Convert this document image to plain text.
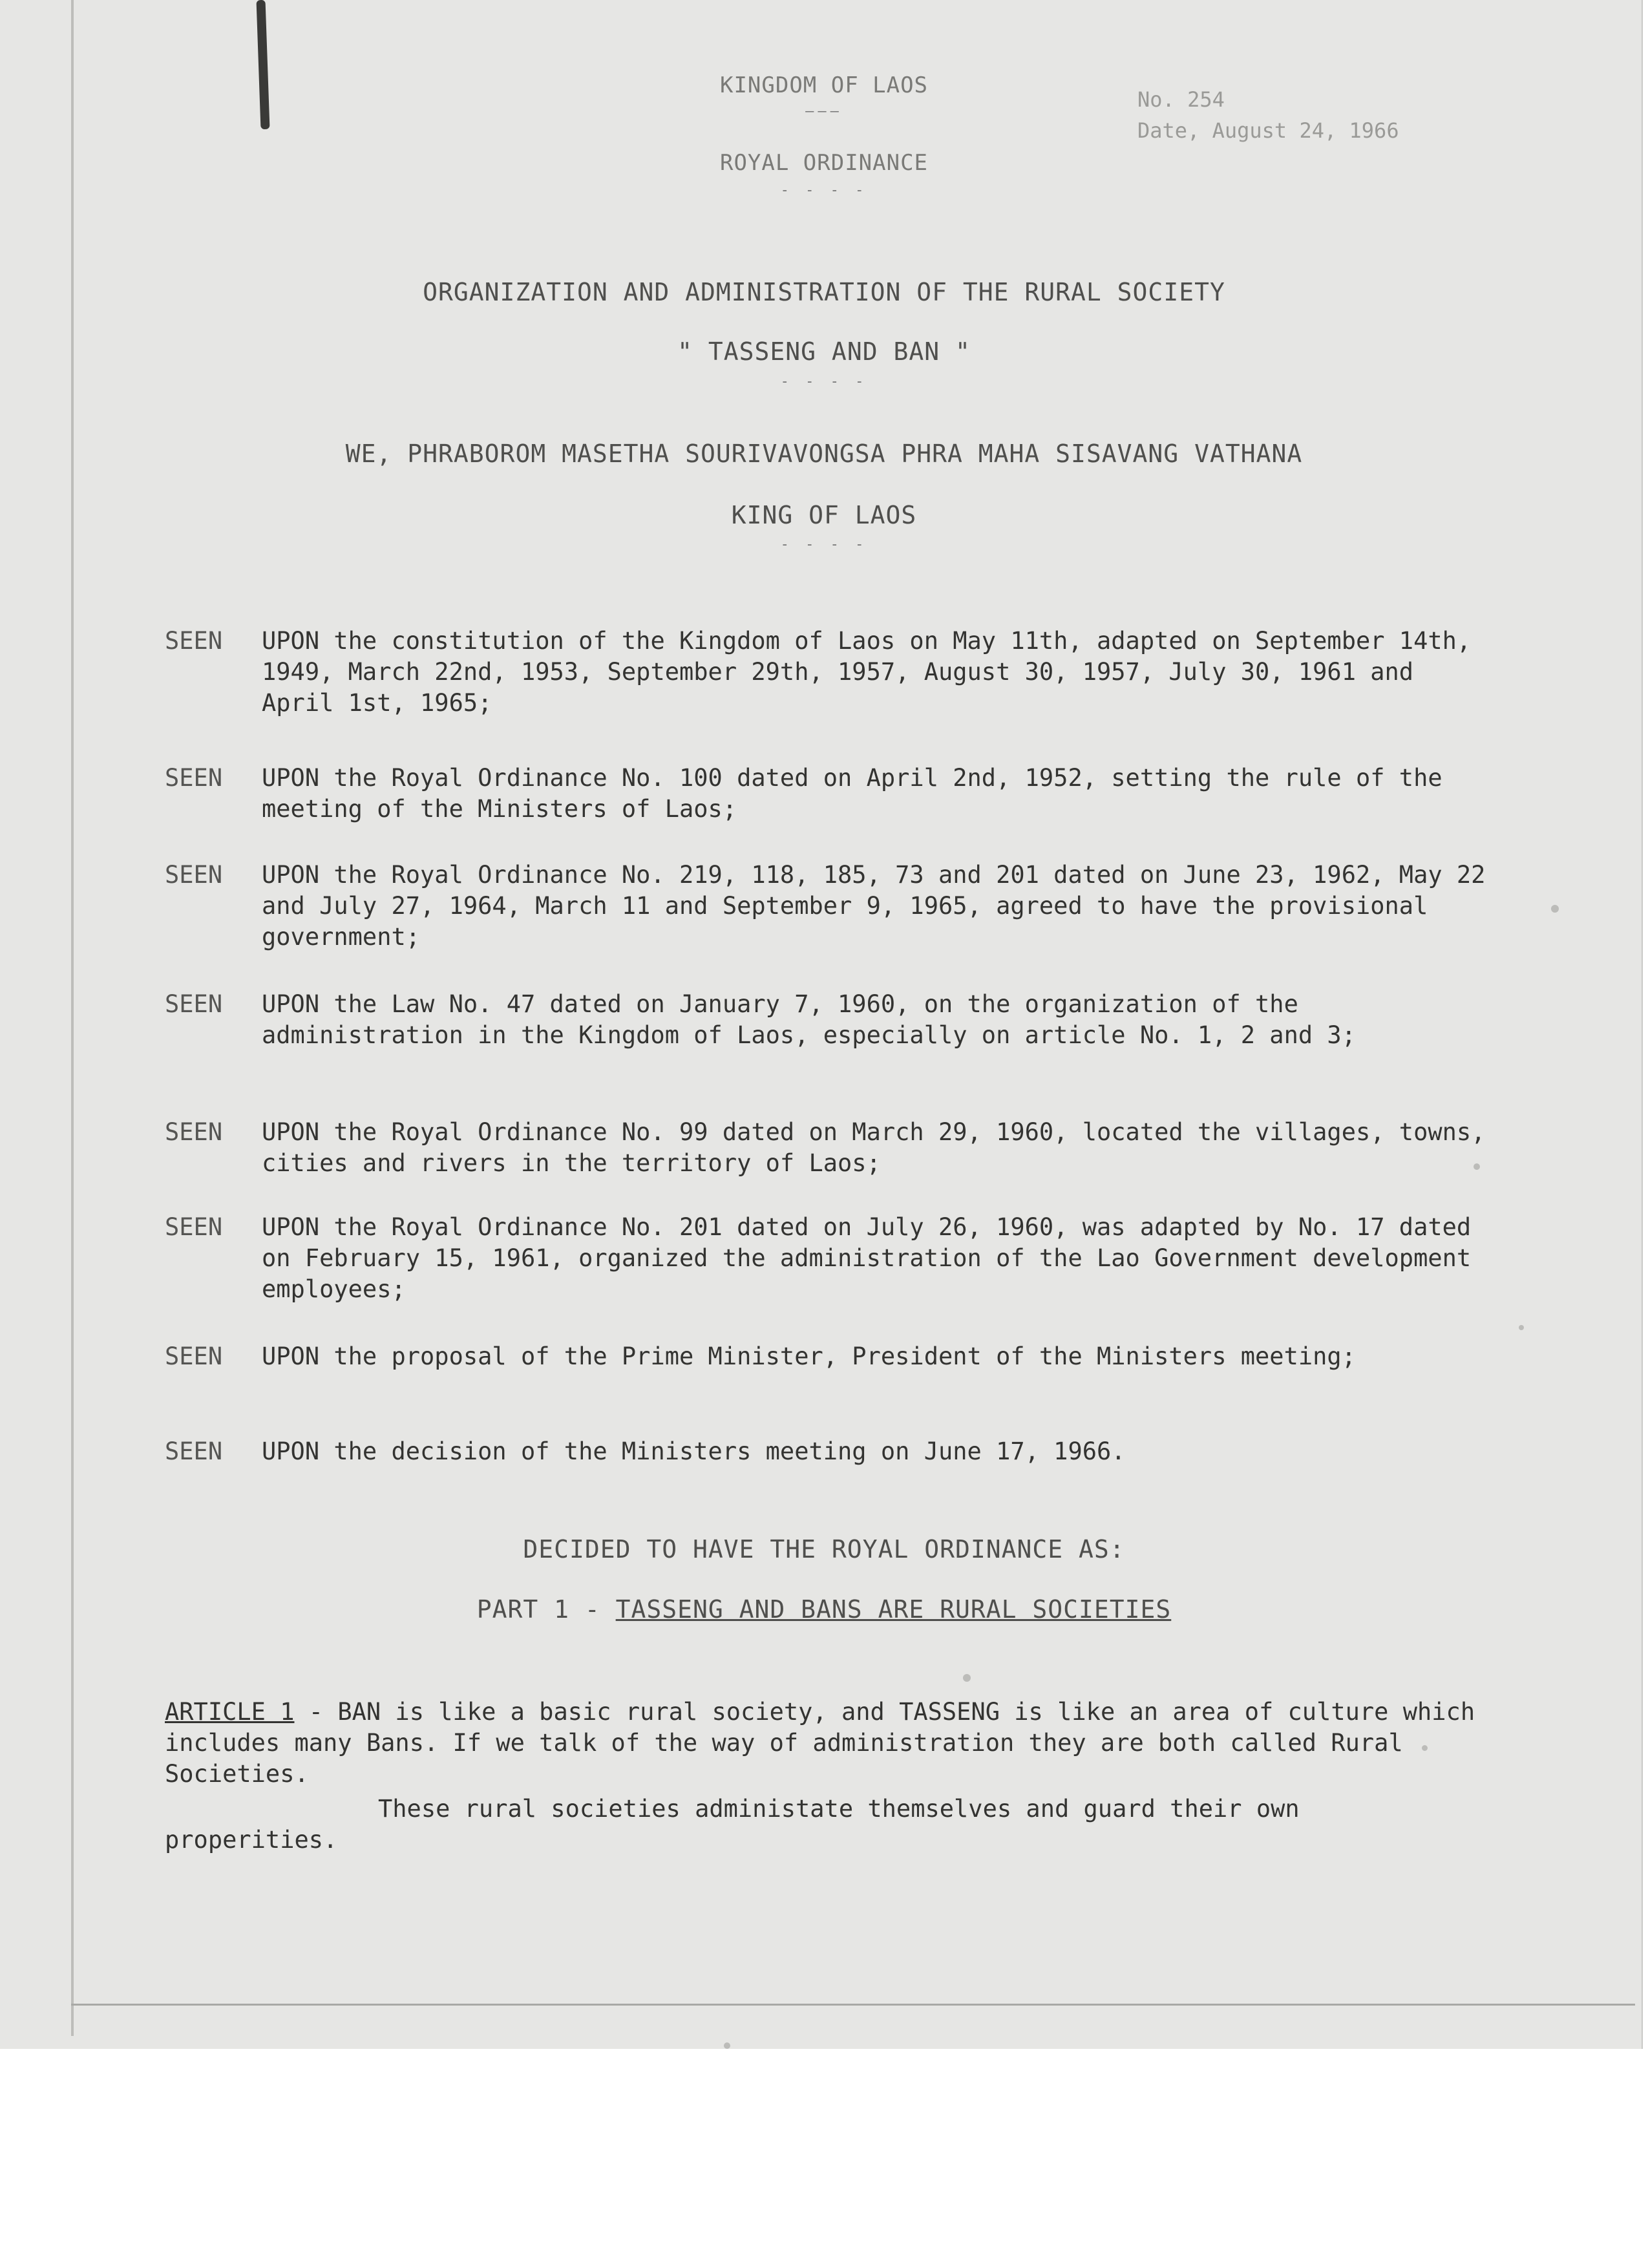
KINGDOM OF LAOS
———
ROYAL ORDINANCE
- - - -
No. 254
Date, August 24, 1966
ORGANIZATION AND ADMINISTRATION OF THE RURAL SOCIETY
" TASSENG AND BAN "
- - - -
WE, PHRABOROM MASETHA SOURIVAVONGSA PHRA MAHA SISAVANG VATHANA
KING OF LAOS
- - - -
SEEN	UPON the constitution of the Kingdom of Laos on May 11th, adapted on September 14th, 1949, March 22nd, 1953, September 29th, 1957, August 30, 1957, July 30, 1961 and April 1st, 1965;
SEEN	UPON the Royal Ordinance No. 100 dated on April 2nd, 1952, setting the rule of the meeting of the Ministers of Laos;
SEEN	UPON the Royal Ordinance No. 219, 118, 185, 73 and 201 dated on June 23, 1962, May 22 and July 27, 1964, March 11 and September 9, 1965, agreed to have the provisional government;
SEEN	UPON the Law No. 47 dated on January 7, 1960, on the organization of the administration in the Kingdom of Laos, especially on article No. 1, 2 and 3;
SEEN	UPON the Royal Ordinance No. 99 dated on March 29, 1960, located the villages, towns, cities and rivers in the territory of Laos;
SEEN	UPON the Royal Ordinance No. 201 dated on July 26, 1960, was adapted by No. 17 dated on February 15, 1961, organized the administration of the Lao Government development employees;
SEEN	UPON the proposal of the Prime Minister, President of the Ministers meeting;
SEEN	UPON the decision of the Ministers meeting on June 17, 1966.
DECIDED TO HAVE THE ROYAL ORDINANCE AS:
PART 1 - TASSENG AND BANS ARE RURAL SOCIETIES
ARTICLE 1 - BAN is like a basic rural society, and TASSENG is like an area of culture which includes many Bans. If we talk of the way of administration they are both called Rural Societies.
These rural societies administate themselves and guard their own properities.
